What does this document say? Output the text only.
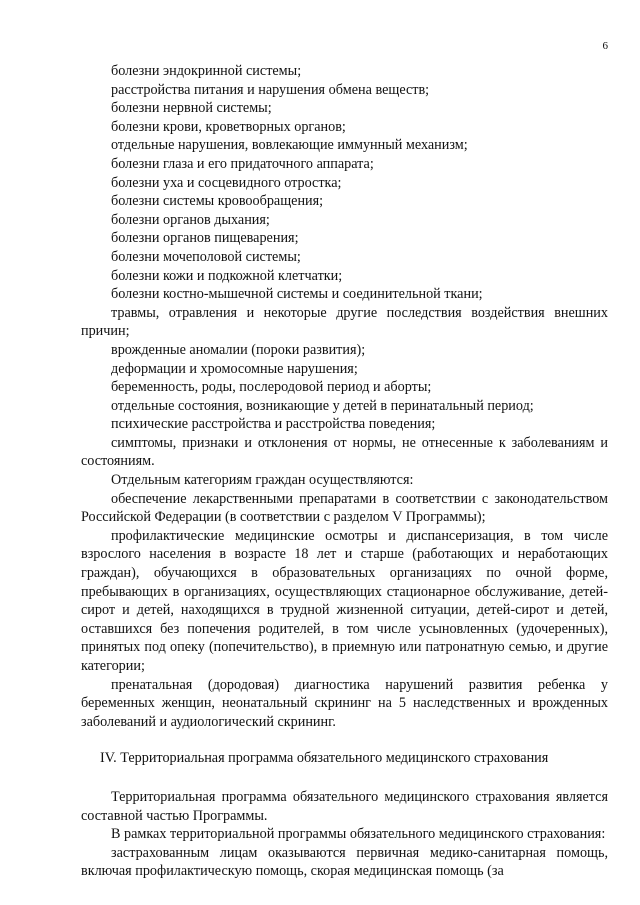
6

болезни эндокринной системы;

расстройства питания и нарушения обмена веществ;

болезни нервной системы;

болезни крови, кроветворных органов;

отдельные нарушения, вовлекающие иммунный механизм;

болезни глаза и его придаточного аппарата;

болезни уха и сосцевидного отростка;

болезни системы кровообращения;

болезни органов дыхания;

болезни органов пищеварения;

болезни мочеполовой системы;

болезни кожи и подкожной клетчатки;

болезни костно-мышечной системы и соединительной ткани;

травмы, отравления и некоторые другие последствия воздействия внешних причин;

врожденные аномалии (пороки развития);

деформации и хромосомные нарушения;

беременность, роды, послеродовой период и аборты;

отдельные состояния, возникающие у детей в перинатальный период;

психические расстройства и расстройства поведения;

симптомы, признаки и отклонения от нормы, не отнесенные к заболеваниям и состояниям.

Отдельным категориям граждан осуществляются:

обеспечение лекарственными препаратами в соответствии с законодательством Российской Федерации (в соответствии с разделом V Программы);

профилактические медицинские осмотры и диспансеризация, в том числе взрослого населения в возрасте 18 лет и старше (работающих и неработающих граждан), обучающихся в образовательных организациях по очной форме, пребывающих в организациях, осуществляющих стационарное обслуживание, детей-сирот и детей, находящихся в трудной жизненной ситуации, детей-сирот и детей, оставшихся без попечения родителей, в том числе усыновленных (удочеренных), принятых под опеку (попечительство), в приемную или патронатную семью, и другие категории;

пренатальная (дородовая) диагностика нарушений развития ребенка у беременных женщин, неонатальный скрининг на 5 наследственных и врожденных заболеваний и аудиологический скрининг.

IV. Территориальная программа обязательного медицинского страхования

Территориальная программа обязательного медицинского страхования является составной частью Программы.

В рамках территориальной программы обязательного медицинского страхования:

застрахованным лицам оказываются первичная медико-санитарная помощь, включая профилактическую помощь, скорая медицинская помощь (за
